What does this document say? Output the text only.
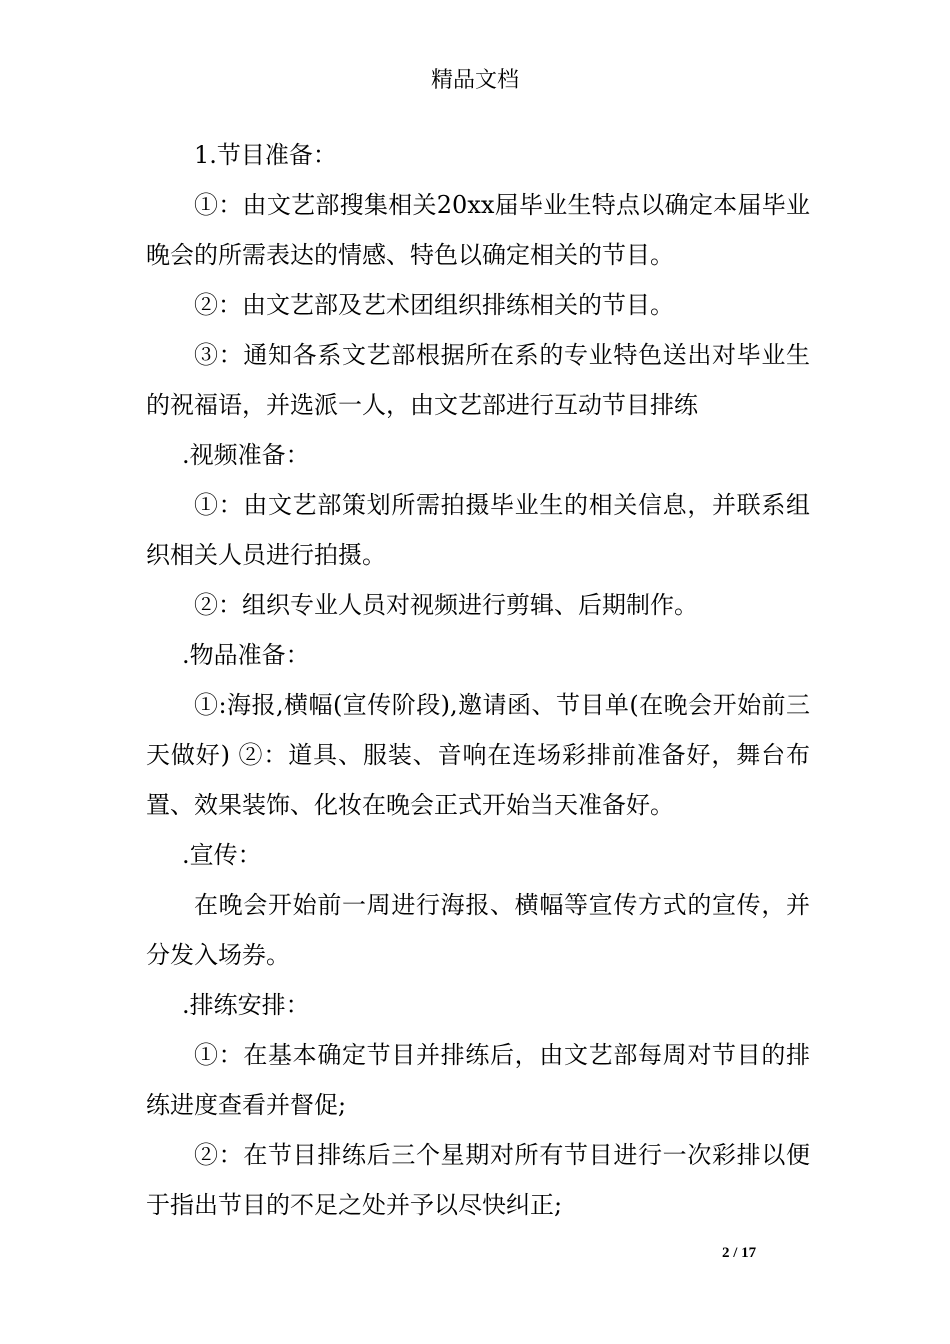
精品文档

1.节目准备：

①：由文艺部搜集相关20xx届毕业生特点以确定本届毕业晚会的所需表达的情感、特色以确定相关的节目。

②：由文艺部及艺术团组织排练相关的节目。

③：通知各系文艺部根据所在系的专业特色送出对毕业生的祝福语，并选派一人，由文艺部进行互动节目排练

.视频准备：

①：由文艺部策划所需拍摄毕业生的相关信息，并联系组织相关人员进行拍摄。

②：组织专业人员对视频进行剪辑、后期制作。

.物品准备：

①:海报,横幅(宣传阶段),邀请函、节目单(在晚会开始前三天做好) ②：道具、服装、音响在连场彩排前准备好，舞台布置、效果装饰、化妆在晚会正式开始当天准备好。

.宣传：

在晚会开始前一周进行海报、横幅等宣传方式的宣传，并分发入场券。

.排练安排：

①：在基本确定节目并排练后，由文艺部每周对节目的排练进度查看并督促;

②：在节目排练后三个星期对所有节目进行一次彩排以便于指出节目的不足之处并予以尽快纠正;

2 / 17
